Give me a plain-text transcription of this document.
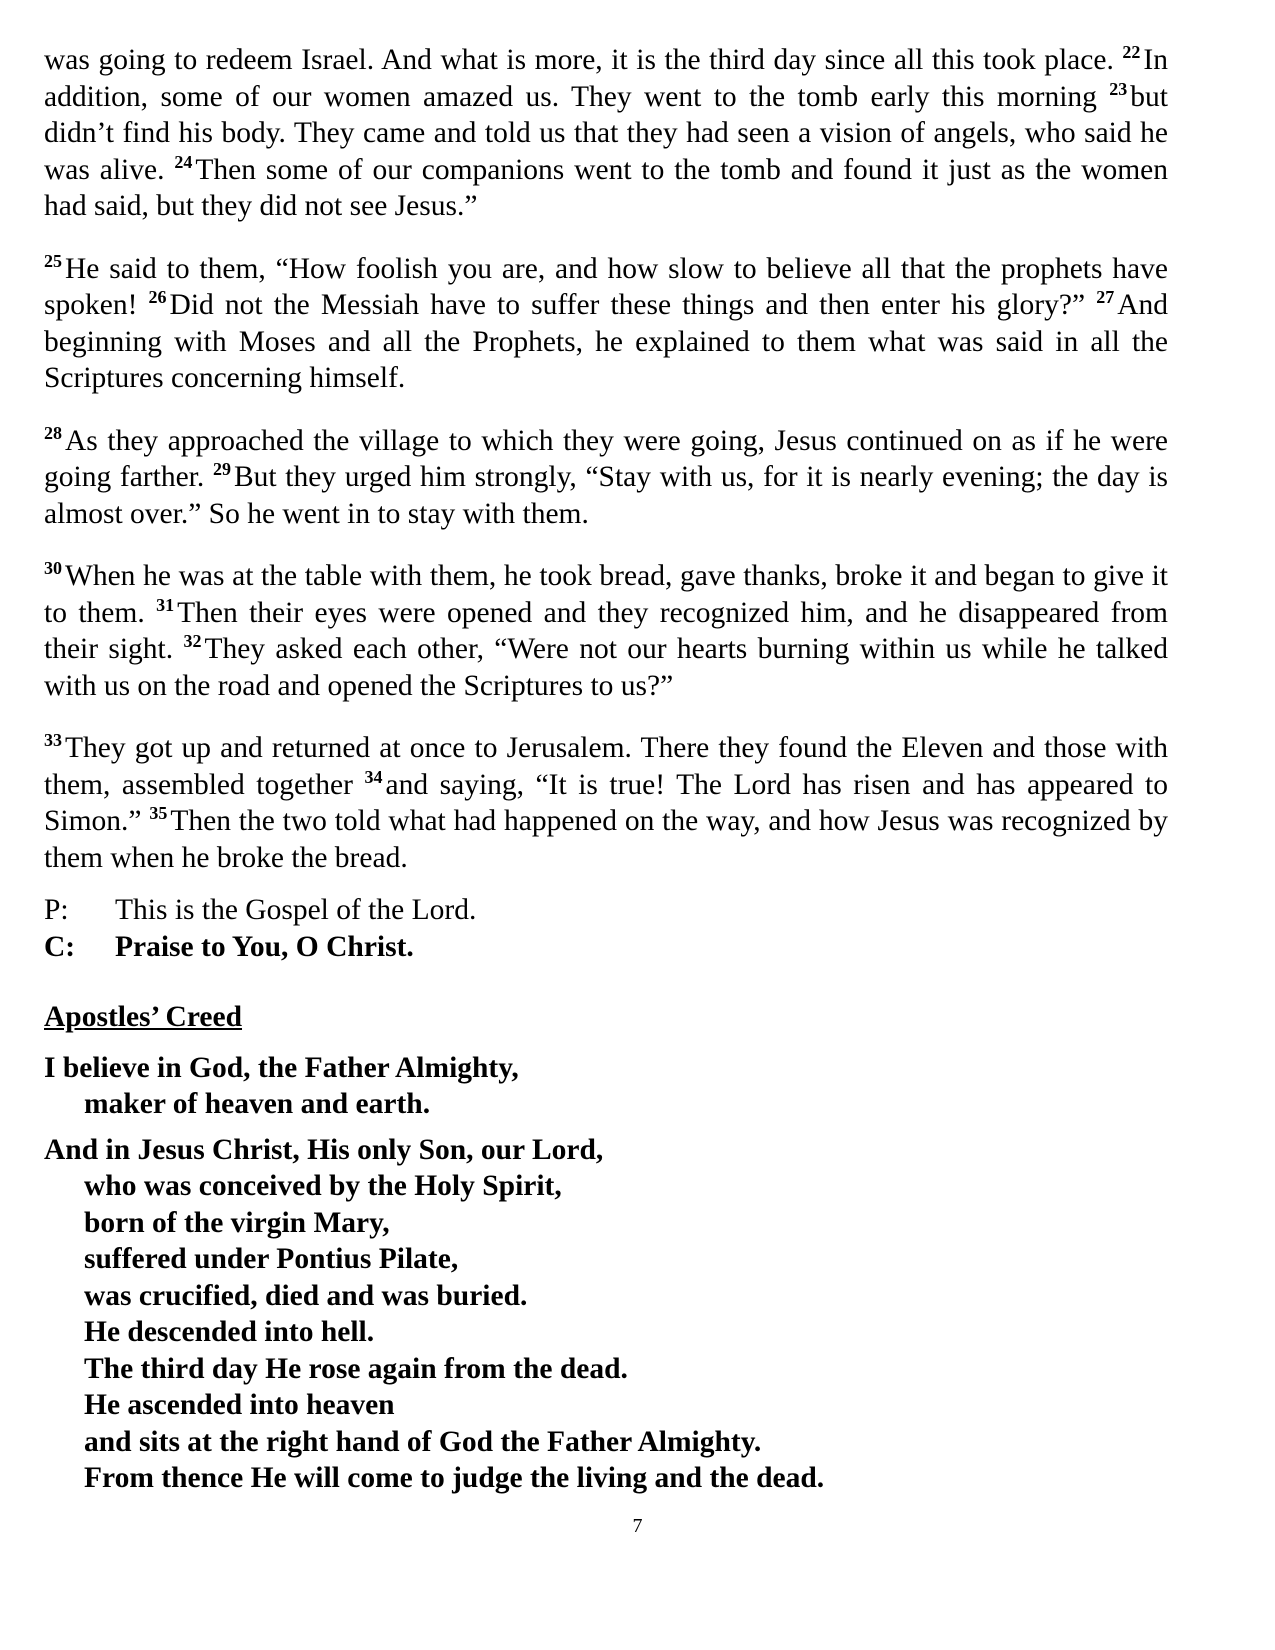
was going to redeem Israel. And what is more, it is the third day since all this took place. $^{22}$ In addition, some of our women amazed us. They went to the tomb early this morning $^{23}$ but didn’t find his body. They came and told us that they had seen a vision of angels, who said he was alive. $^{24}$ Then some of our companions went to the tomb and found it just as the women had said, but they did not see Jesus.”

$^{25}$ He said to them, “How foolish you are, and how slow to believe all that the prophets have spoken! $^{26}$ Did not the Messiah have to suffer these things and then enter his glory?” $^{27}$ And beginning with Moses and all the Prophets, he explained to them what was said in all the Scriptures concerning himself.

$^{28}$ As they approached the village to which they were going, Jesus continued on as if he were going farther. $^{29}$ But they urged him strongly, “Stay with us, for it is nearly evening; the day is almost over.” So he went in to stay with them.

$^{30}$ When he was at the table with them, he took bread, gave thanks, broke it and began to give it to them. $^{31}$ Then their eyes were opened and they recognized him, and he disappeared from their sight. $^{32}$ They asked each other, “Were not our hearts burning within us while he talked with us on the road and opened the Scriptures to us?”

$^{33}$ They got up and returned at once to Jerusalem. There they found the Eleven and those with them, assembled together $^{34}$ and saying, “It is true! The Lord has risen and has appeared to Simon.” $^{35}$ Then the two told what had happened on the way, and how Jesus was recognized by them when he broke the bread.

P:	This is the Gospel of the Lord.
C:	Praise to You, O Christ.
Apostles’ Creed
I believe in God, the Father Almighty,
maker of heaven and earth.
And in Jesus Christ, His only Son, our Lord,
who was conceived by the Holy Spirit,
born of the virgin Mary,
suffered under Pontius Pilate,
was crucified, died and was buried.
He descended into hell.
The third day He rose again from the dead.
He ascended into heaven
and sits at the right hand of God the Father Almighty.
From thence He will come to judge the living and the dead.
7
